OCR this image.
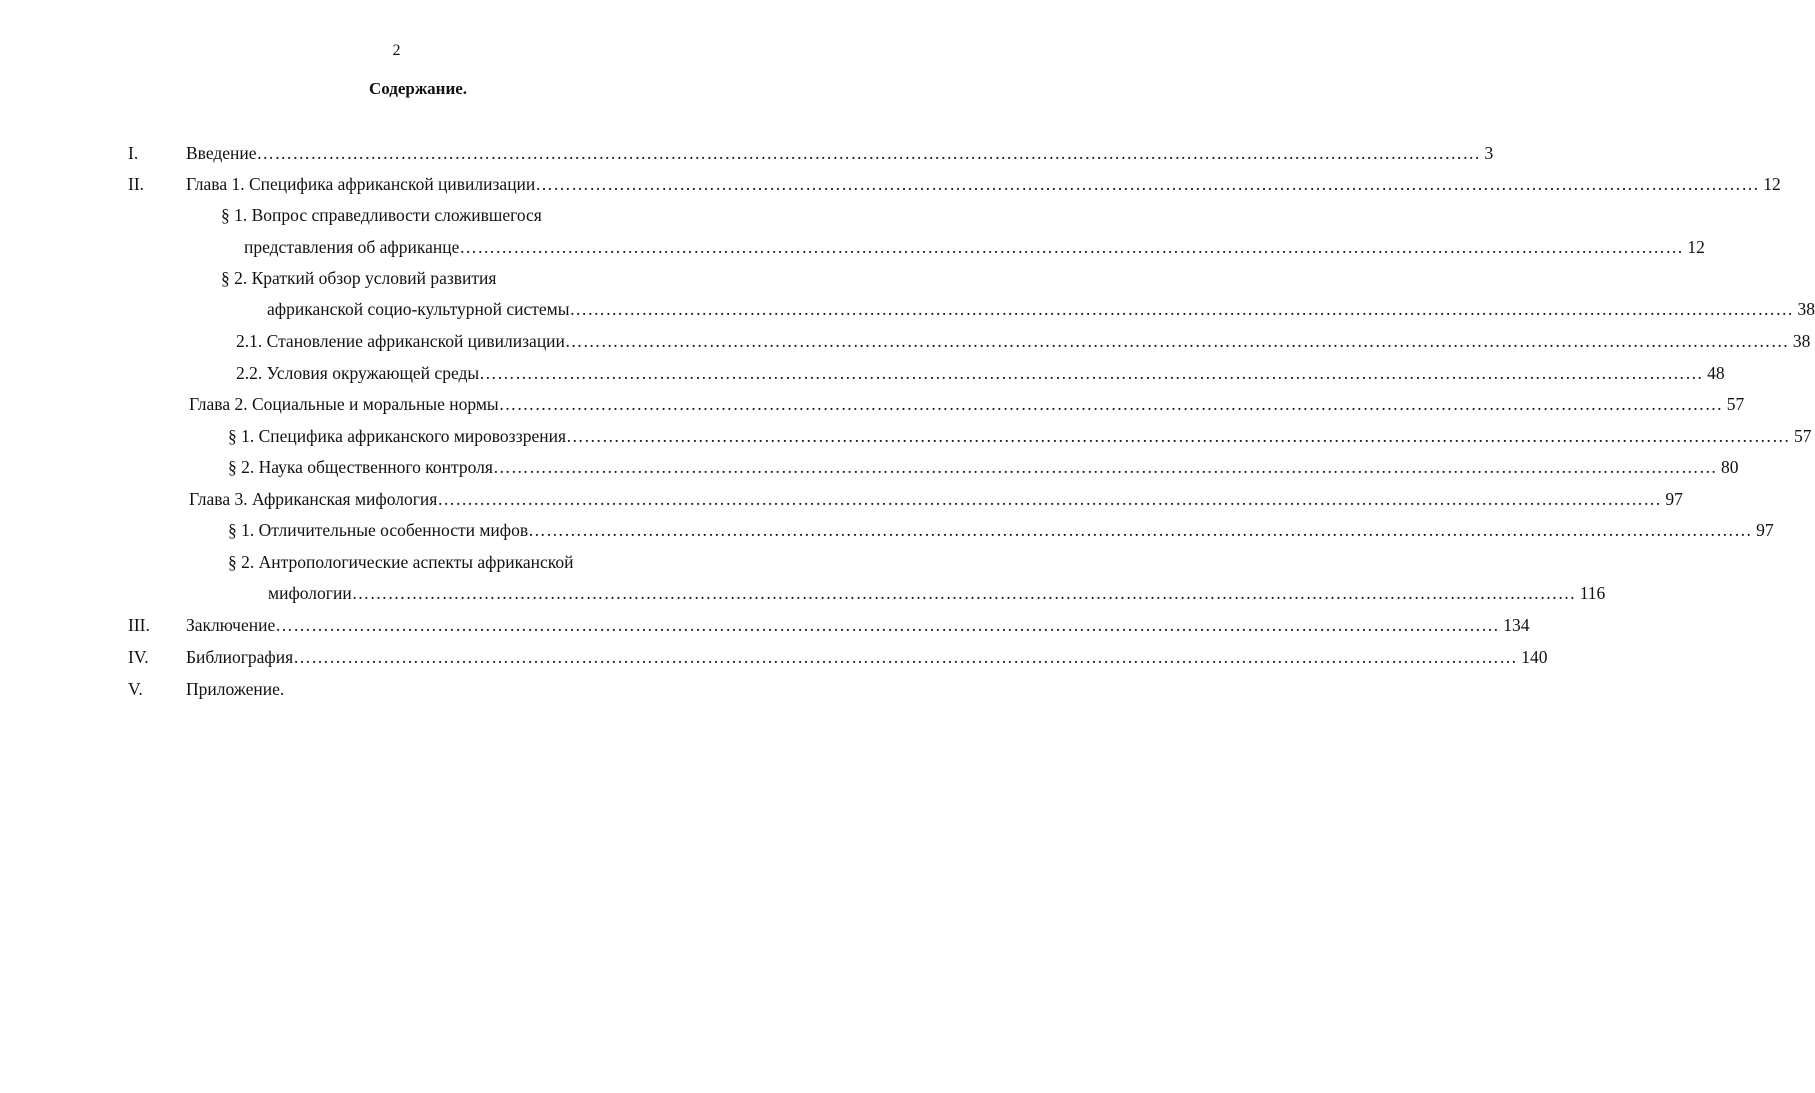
2
Содержание.
I.	Введение …………………………………………………………………………………………………………………………………………………………………………………… 3
II. Глава 1. Специфика африканской цивилизации …………………………………………………………………………………………………………………………………………………………………………………… 12
§ 1. Вопрос справедливости сложившегося
представления об африканце …………………………………………………………………………………………………………………………………………………………………………………… 12
§ 2. Краткий обзор условий развития
африканской социо-культурной системы …………………………………………………………………………………………………………………………………………………………………………………… 38
2.1. Становление африканской цивилизации …………………………………………………………………………………………………………………………………………………………………………………… 38
2.2. Условия окружающей среды …………………………………………………………………………………………………………………………………………………………………………………… 48
Глава 2. Социальные и моральные нормы …………………………………………………………………………………………………………………………………………………………………………………… 57
§ 1. Специфика африканского мировоззрения …………………………………………………………………………………………………………………………………………………………………………………… 57
§ 2. Наука общественного контроля …………………………………………………………………………………………………………………………………………………………………………………… 80
Глава 3. Африканская мифология …………………………………………………………………………………………………………………………………………………………………………………… 97
§ 1. Отличительные особенности мифов …………………………………………………………………………………………………………………………………………………………………………………… 97
§ 2. Антропологические аспекты африканской
мифологии …………………………………………………………………………………………………………………………………………………………………………………… 116
III. Заключение …………………………………………………………………………………………………………………………………………………………………………………… 134
IV. Библиография …………………………………………………………………………………………………………………………………………………………………………………… 140
V. Приложение.
